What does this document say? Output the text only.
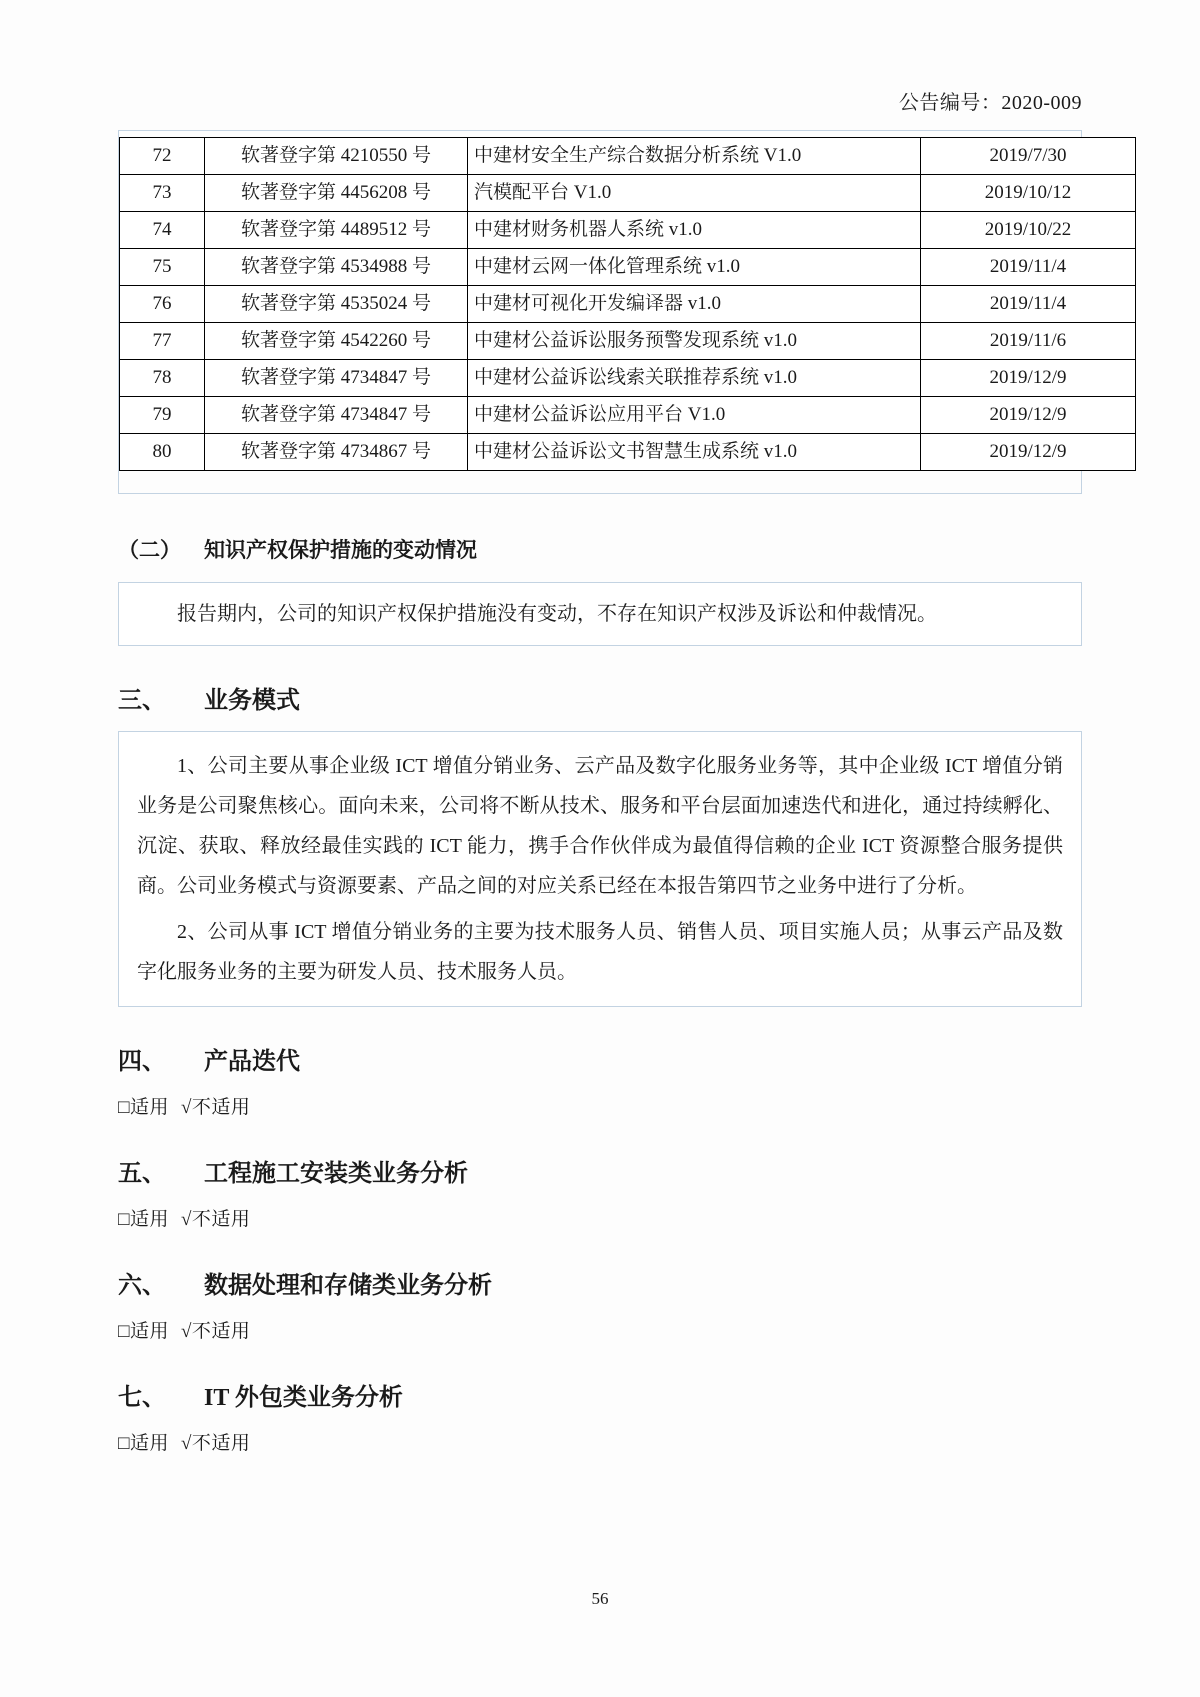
公告编号：2020-009
72	软著登字第 4210550 号	中建材安全生产综合数据分析系统 V1.0	2019/7/30
73	软著登字第 4456208 号	汽模配平台 V1.0	2019/10/12
74	软著登字第 4489512 号	中建材财务机器人系统 v1.0	2019/10/22
75	软著登字第 4534988 号	中建材云网一体化管理系统 v1.0	2019/11/4
76	软著登字第 4535024 号	中建材可视化开发编译器 v1.0	2019/11/4
77	软著登字第 4542260 号	中建材公益诉讼服务预警发现系统 v1.0	2019/11/6
78	软著登字第 4734847 号	中建材公益诉讼线索关联推荐系统 v1.0	2019/12/9
79	软著登字第 4734847 号	中建材公益诉讼应用平台 V1.0	2019/12/9
80	软著登字第 4734867 号	中建材公益诉讼文书智慧生成系统 v1.0	2019/12/9
（二）	知识产权保护措施的变动情况

报告期内，公司的知识产权保护措施没有变动，不存在知识产权涉及诉讼和仲裁情况。

三、	业务模式

1、公司主要从事企业级 ICT 增值分销业务、云产品及数字化服务业务等，其中企业级 ICT 增值分销业务是公司聚焦核心。面向未来，公司将不断从技术、服务和平台层面加速迭代和进化，通过持续孵化、沉淀、获取、释放经最佳实践的 ICT 能力，携手合作伙伴成为最值得信赖的企业 ICT 资源整合服务提供商。公司业务模式与资源要素、产品之间的对应关系已经在本报告第四节之业务中进行了分析。

2、公司从事 ICT 增值分销业务的主要为技术服务人员、销售人员、项目实施人员；从事云产品及数字化服务业务的主要为研发人员、技术服务人员。

四、	产品迭代
□适用 √不适用
五、	工程施工安装类业务分析
□适用 √不适用
六、	数据处理和存储类业务分析
□适用 √不适用
七、	IT 外包类业务分析
□适用 √不适用
56
